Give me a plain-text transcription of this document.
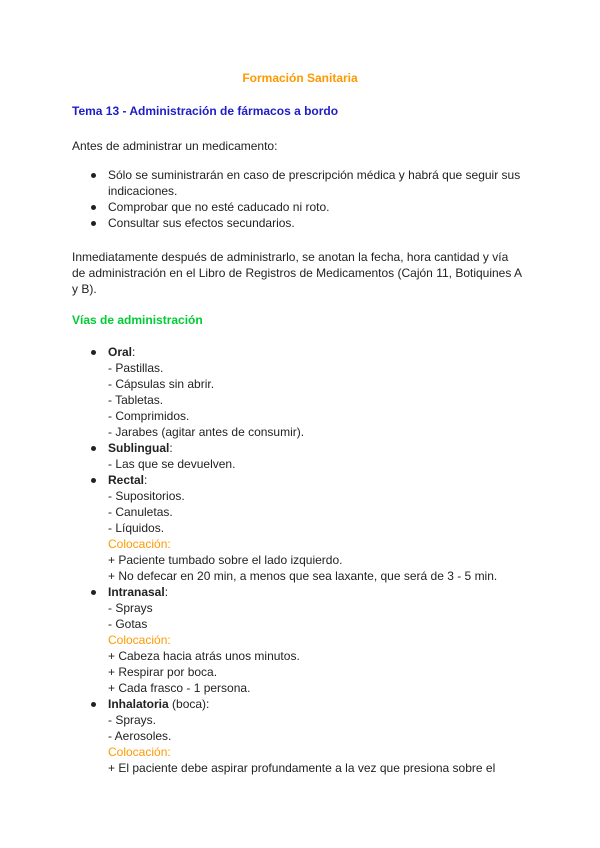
Formación Sanitaria
Tema 13 - Administración de fármacos a bordo
Antes de administrar un medicamento:
Sólo se suministrarán en caso de prescripción médica y habrá que seguir sus
indicaciones.
Comprobar que no esté caducado ni roto.
Consultar sus efectos secundarios.
Inmediatamente después de administrarlo, se anotan la fecha, hora cantidad y vía
de administración en el Libro de Registros de Medicamentos (Cajón 11, Botiquines A
y B).
Vías de administración
Oral:
- Pastillas.
- Cápsulas sin abrir.
- Tabletas.
- Comprimidos.
- Jarabes (agitar antes de consumir).
Sublingual:
- Las que se devuelven.
Rectal:
- Supositorios.
- Canuletas.
- Líquidos.
Colocación:
+ Paciente tumbado sobre el lado izquierdo.
+ No defecar en 20 min, a menos que sea laxante, que será de 3 - 5 min.
Intranasal:
- Sprays
- Gotas
Colocación:
+ Cabeza hacia atrás unos minutos.
+ Respirar por boca.
+ Cada frasco - 1 persona.
Inhalatoria (boca):
- Sprays.
- Aerosoles.
Colocación:
+ El paciente debe aspirar profundamente a la vez que presiona sobre el
